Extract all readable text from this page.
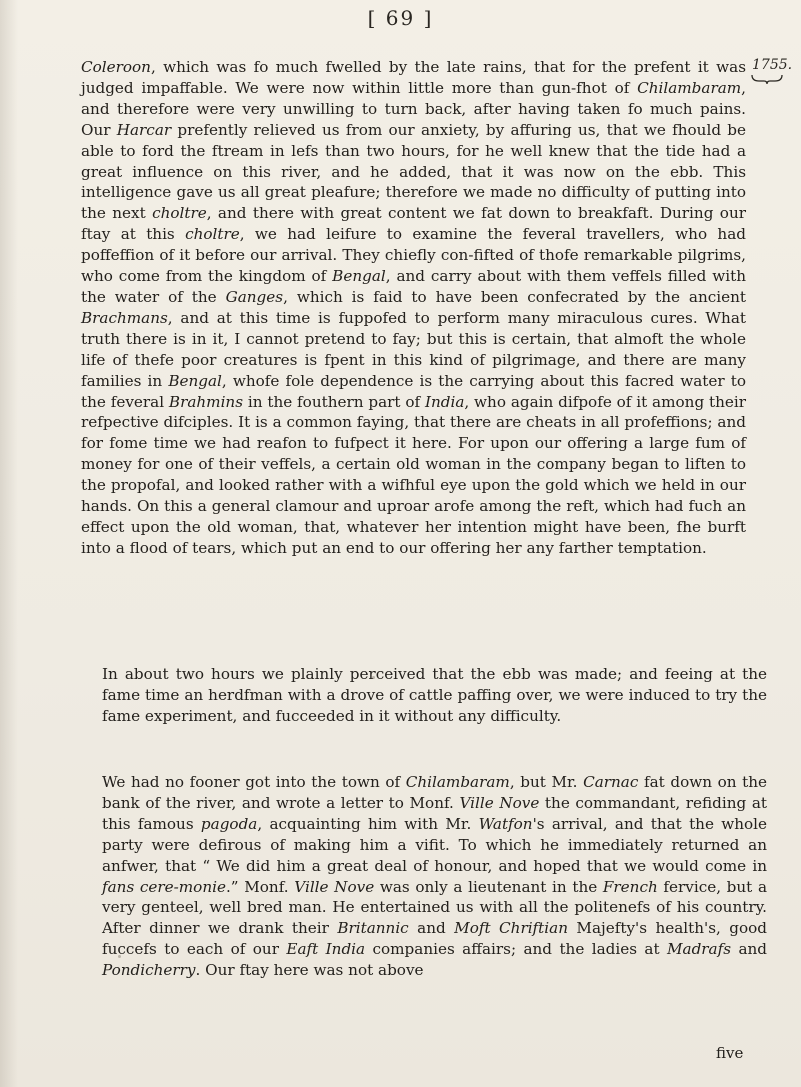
[ 69 ]
1755.

Coleroon, which was fo much fwelled by the late rains, that for the prefent it was judged impaffable. We were now within little more than gun-fhot of Chilambaram, and therefore were very unwilling to turn back, after having taken fo much pains. Our Harcar prefently relieved us from our anxiety, by affuring us, that we fhould be able to ford the ftream in lefs than two hours, for he well knew that the tide had a great influence on this river, and he added, that it was now on the ebb. This intelligence gave us all great pleafure; therefore we made no difficulty of putting into the next choltre, and there with great content we fat down to breakfaft. During our ftay at this choltre, we had leifure to examine the feveral travellers, who had poffeffion of it before our arrival. They chiefly con-fifted of thofe remarkable pilgrims, who come from the kingdom of Bengal, and carry about with them veffels filled with the water of the Ganges, which is faid to have been confecrated by the ancient Brachmans, and at this time is fuppofed to perform many miraculous cures. What truth there is in it, I cannot pretend to fay; but this is certain, that almoft the whole life of thefe poor creatures is fpent in this kind of pilgrimage, and there are many families in Bengal, whofe fole dependence is the carrying about this facred water to the feveral Brahmins in the fouthern part of India, who again difpofe of it among their refpective difciples. It is a common faying, that there are cheats in all profeffions; and for fome time we had reafon to fufpect it here. For upon our offering a large fum of money for one of their veffels, a certain old woman in the company began to liften to the propofal, and looked rather with a wifhful eye upon the gold which we held in our hands. On this a general clamour and uproar arofe among the reft, which had fuch an effect upon the old woman, that, whatever her intention might have been, fhe burft into a flood of tears, which put an end to our offering her any farther temptation.

In about two hours we plainly perceived that the ebb was made; and feeing at the fame time an herdfman with a drove of cattle paffing over, we were induced to try the fame experiment, and fucceeded in it without any difficulty.

We had no fooner got into the town of Chilambaram, but Mr. Carnac fat down on the bank of the river, and wrote a letter to Monf. Ville Nove the commandant, refiding at this famous pagoda, acquainting him with Mr. Watfon's arrival, and that the whole party were defirous of making him a vifit. To which he immediately returned an anfwer, that “ We did him a great deal of honour, and hoped that we would come in fans cere-monie.” Monf. Ville Nove was only a lieutenant in the French fervice, but a very genteel, well bred man. He entertained us with all the politenefs of his country. After dinner we drank their Britannic and Moft Chriftian Majefty's health's, good fuccefs to each of our Eaft India companies affairs; and the ladies at Madrafs and Pondicherry. Our ftay here was not above

five
